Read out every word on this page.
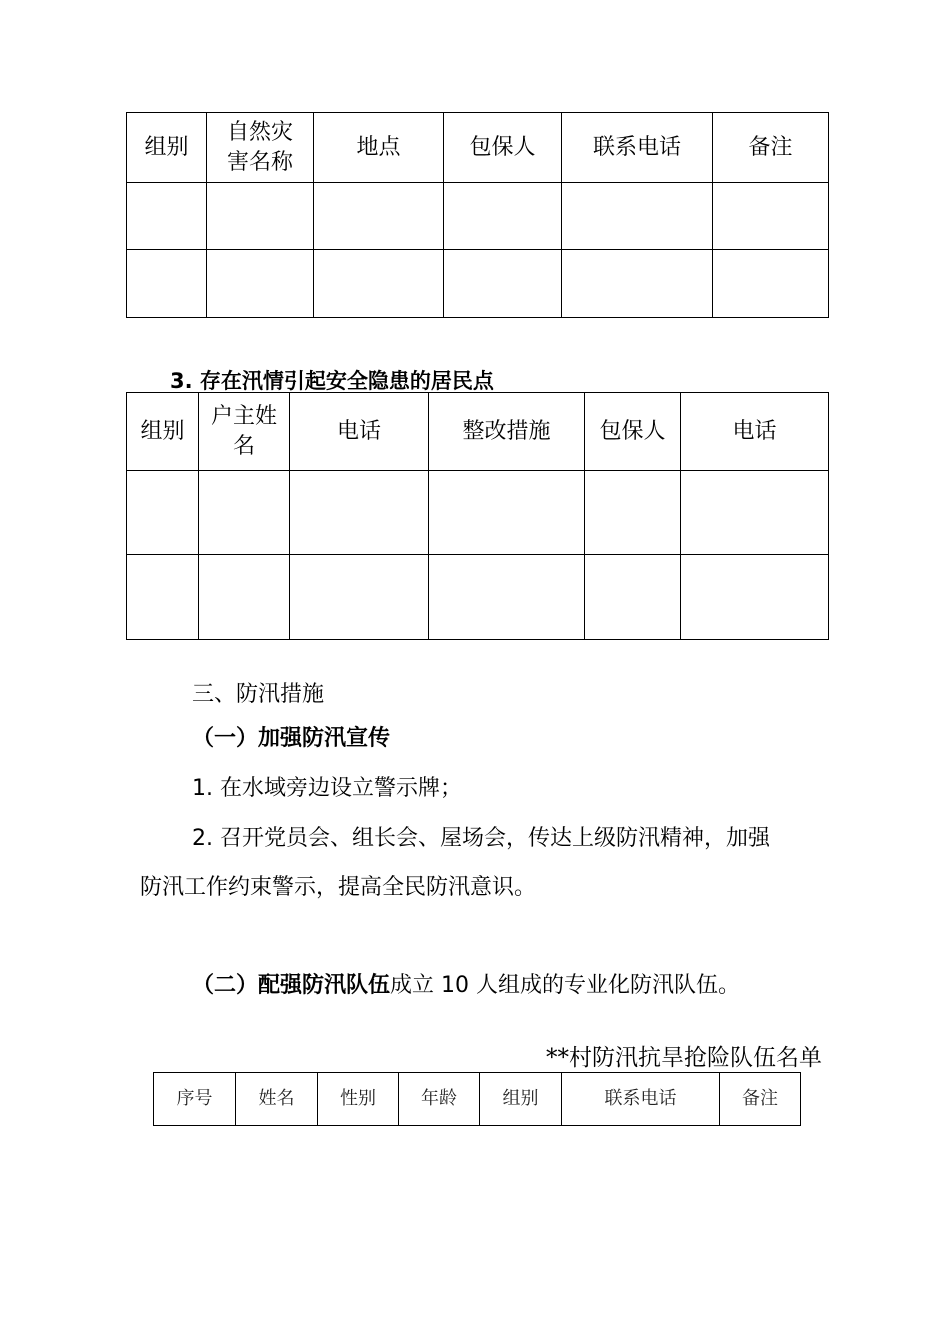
组别	自然灾害名称	地点	包保人	联系电话	备注

3. 存在汛情引起安全隐患的居民点
组别	户主姓名	电话	整改措施	包保人	电话

三、防汛措施
（一）加强防汛宣传
1. 在水域旁边设立警示牌；
2. 召开党员会、组长会、屋场会，传达上级防汛精神，加强
防汛工作约束警示，提高全民防汛意识。
（二）配强防汛队伍成立 10 人组成的专业化防汛队伍。
**村防汛抗旱抢险队伍名单
序号	姓名	性别	年龄	组别	联系电话	备注
